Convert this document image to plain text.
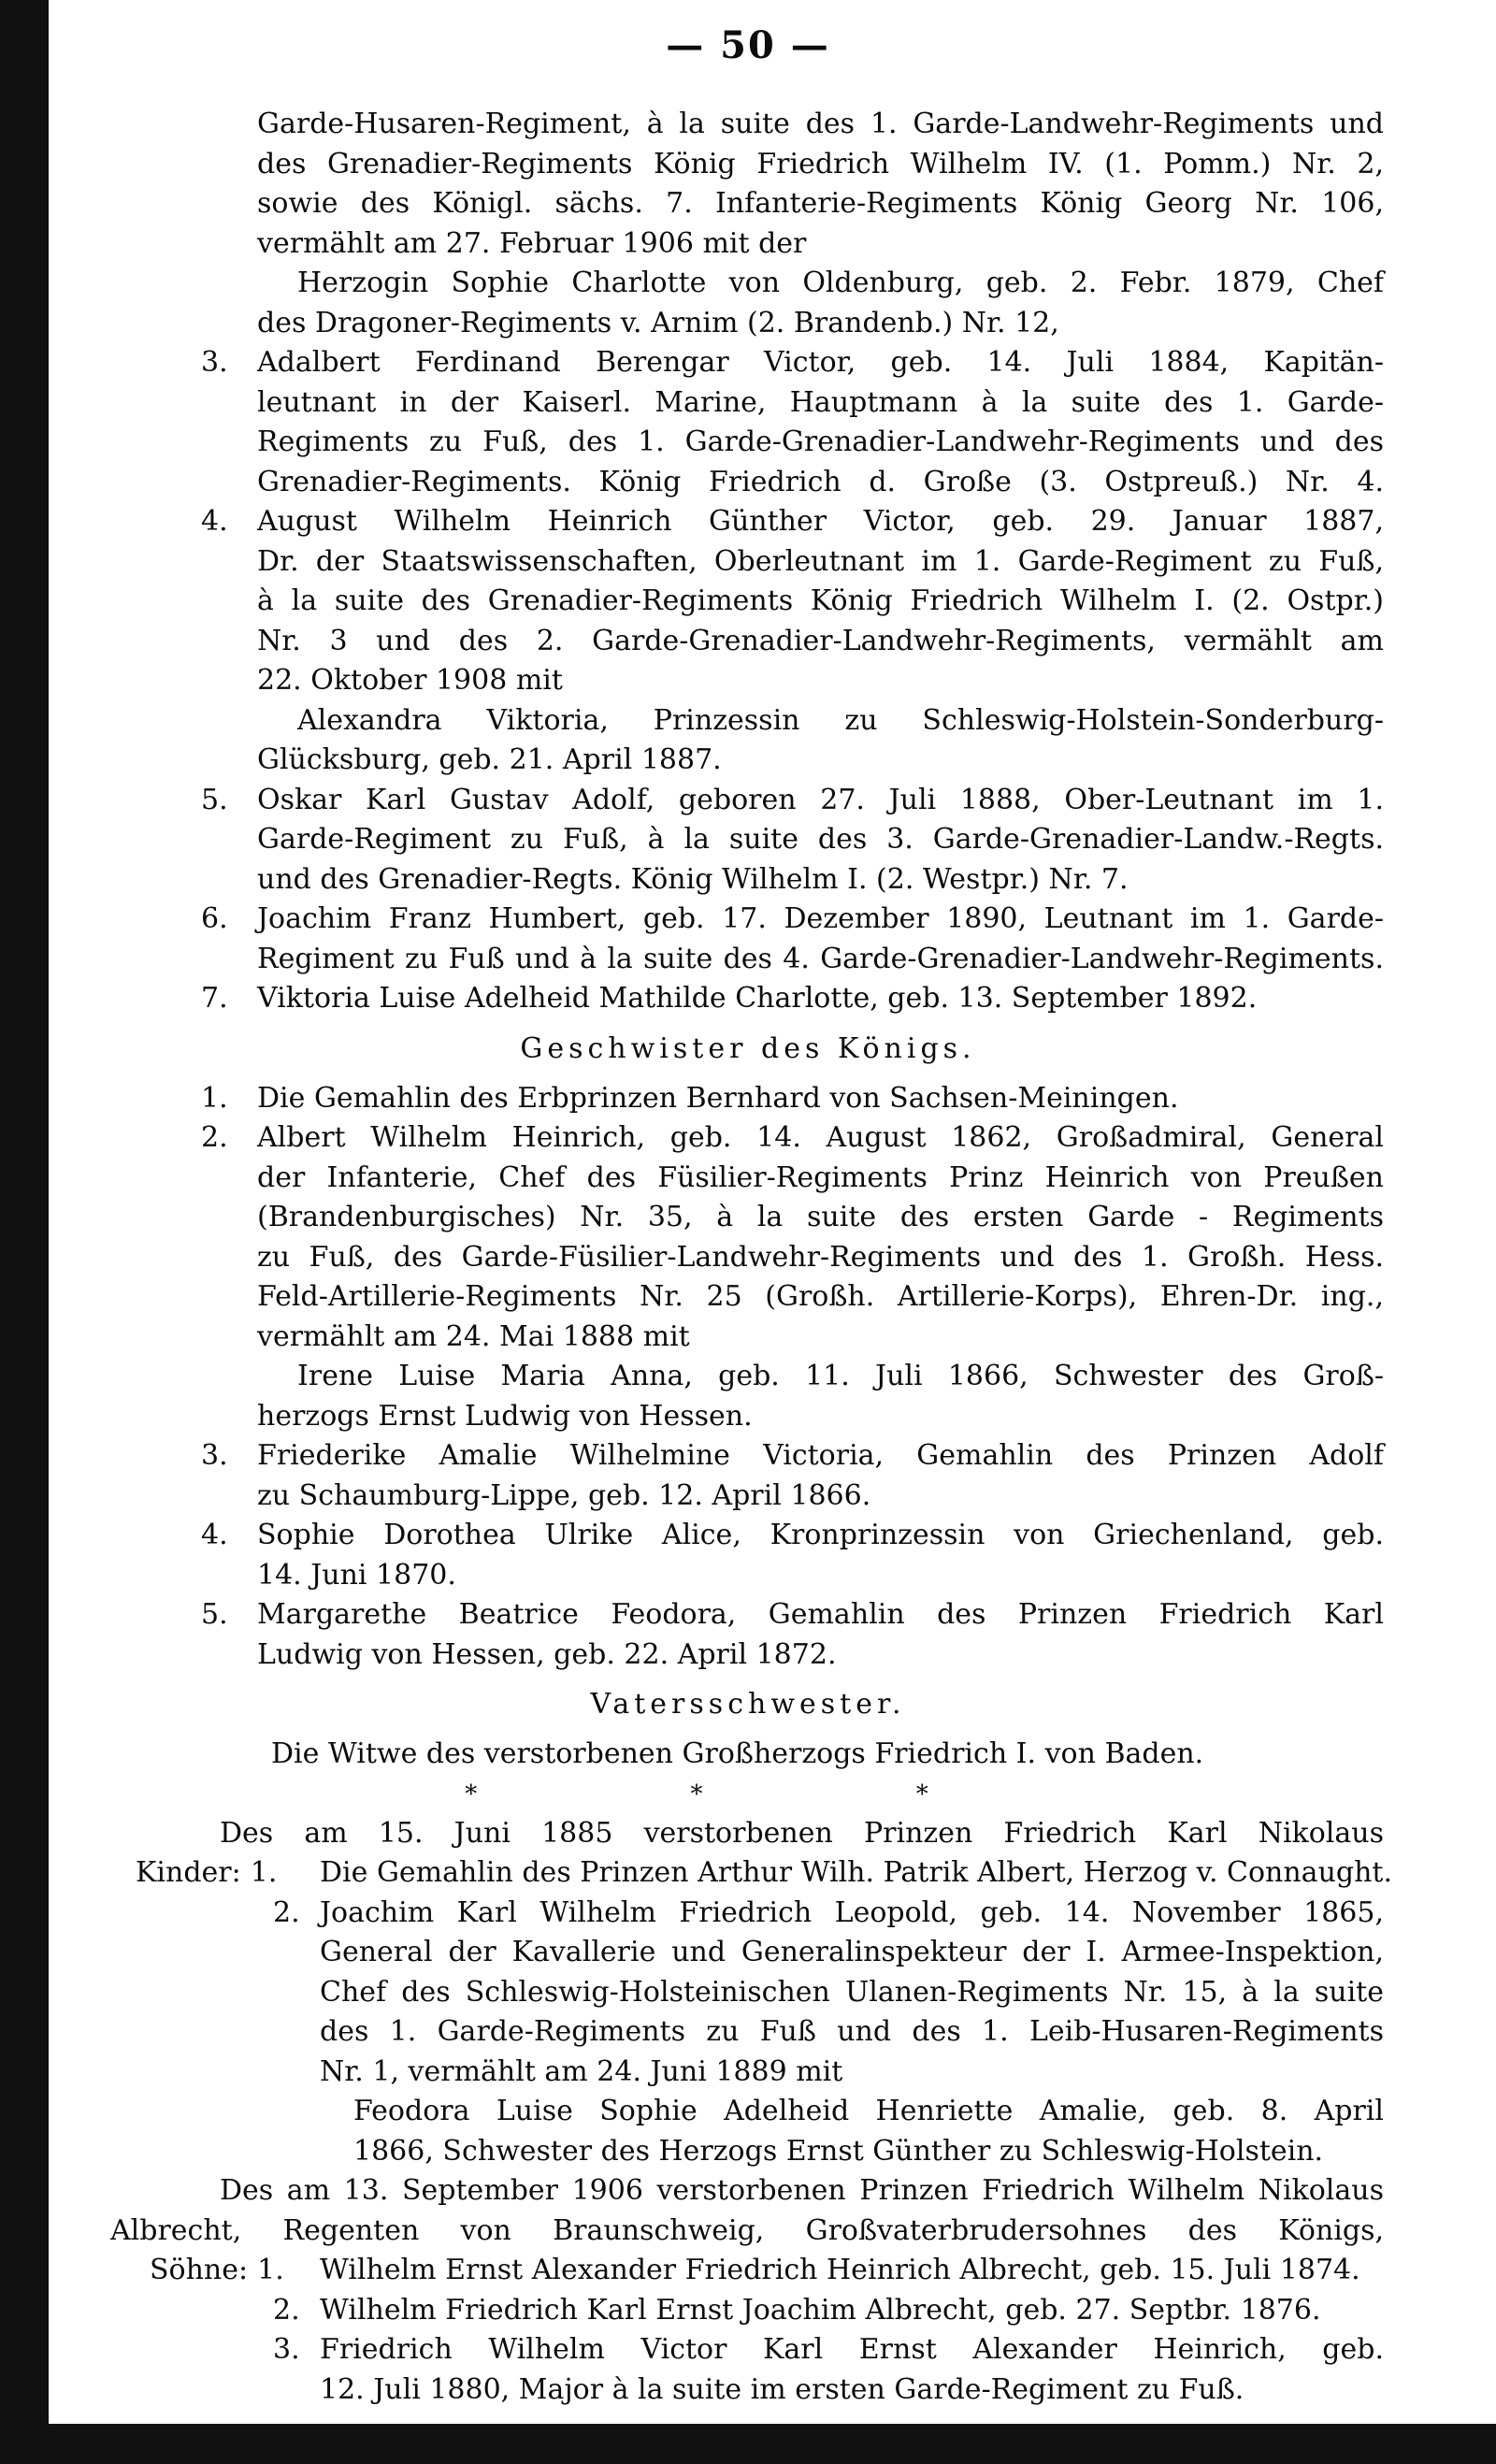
— 50 —
Garde-Husaren-Regiment, à la suite des 1. Garde-Landwehr-Regiments und
des Grenadier-Regiments König Friedrich Wilhelm IV. (1. Pomm.) Nr. 2,
sowie des Königl. sächs. 7. Infanterie-Regiments König Georg Nr. 106,
vermählt am 27. Februar 1906 mit der
Herzogin Sophie Charlotte von Oldenburg, geb. 2. Febr. 1879, Chef
des Dragoner-Regiments v. Arnim (2. Brandenb.) Nr. 12,
3. Adalbert Ferdinand Berengar Victor, geb. 14. Juli 1884, Kapitän-
leutnant in der Kaiserl. Marine, Hauptmann à la suite des 1. Garde-
Regiments zu Fuß, des 1. Garde-Grenadier-Landwehr-Regiments und des
Grenadier-Regiments. König Friedrich d. Große (3. Ostpreuß.) Nr. 4.
4. August Wilhelm Heinrich Günther Victor, geb. 29. Januar 1887,
Dr. der Staatswissenschaften, Oberleutnant im 1. Garde-Regiment zu Fuß,
à la suite des Grenadier-Regiments König Friedrich Wilhelm I. (2. Ostpr.)
Nr. 3 und des 2. Garde-Grenadier-Landwehr-Regiments, vermählt am
22. Oktober 1908 mit
Alexandra Viktoria, Prinzessin zu Schleswig-Holstein-Sonderburg-
Glücksburg, geb. 21. April 1887.
5. Oskar Karl Gustav Adolf, geboren 27. Juli 1888, Ober-Leutnant im 1.
Garde-Regiment zu Fuß, à la suite des 3. Garde-Grenadier-Landw.-Regts.
und des Grenadier-Regts. König Wilhelm I. (2. Westpr.) Nr. 7.
6. Joachim Franz Humbert, geb. 17. Dezember 1890, Leutnant im 1. Garde-
Regiment zu Fuß und à la suite des 4. Garde-Grenadier-Landwehr-Regiments.
7. Viktoria Luise Adelheid Mathilde Charlotte, geb. 13. September 1892.
Geschwister des Königs.
1. Die Gemahlin des Erbprinzen Bernhard von Sachsen-Meiningen.
2. Albert Wilhelm Heinrich, geb. 14. August 1862, Großadmiral, General
der Infanterie, Chef des Füsilier-Regiments Prinz Heinrich von Preußen
(Brandenburgisches) Nr. 35, à la suite des ersten Garde - Regiments
zu Fuß, des Garde-Füsilier-Landwehr-Regiments und des 1. Großh. Hess.
Feld-Artillerie-Regiments Nr. 25 (Großh. Artillerie-Korps), Ehren-Dr. ing.,
vermählt am 24. Mai 1888 mit
Irene Luise Maria Anna, geb. 11. Juli 1866, Schwester des Groß-
herzogs Ernst Ludwig von Hessen.
3. Friederike Amalie Wilhelmine Victoria, Gemahlin des Prinzen Adolf
zu Schaumburg-Lippe, geb. 12. April 1866.
4. Sophie Dorothea Ulrike Alice, Kronprinzessin von Griechenland, geb.
14. Juni 1870.
5. Margarethe Beatrice Feodora, Gemahlin des Prinzen Friedrich Karl
Ludwig von Hessen, geb. 22. April 1872.
Vatersschwester.
Die Witwe des verstorbenen Großherzogs Friedrich I. von Baden.
* * *
Des am 15. Juni 1885 verstorbenen Prinzen Friedrich Karl Nikolaus
Kinder: 1. Die Gemahlin des Prinzen Arthur Wilh. Patrik Albert, Herzog v. Connaught.
2. Joachim Karl Wilhelm Friedrich Leopold, geb. 14. November 1865,
General der Kavallerie und Generalinspekteur der I. Armee-Inspektion,
Chef des Schleswig-Holsteinischen Ulanen-Regiments Nr. 15, à la suite
des 1. Garde-Regiments zu Fuß und des 1. Leib-Husaren-Regiments
Nr. 1, vermählt am 24. Juni 1889 mit
Feodora Luise Sophie Adelheid Henriette Amalie, geb. 8. April
1866, Schwester des Herzogs Ernst Günther zu Schleswig-Holstein.
Des am 13. September 1906 verstorbenen Prinzen Friedrich Wilhelm Nikolaus
Albrecht, Regenten von Braunschweig, Großvaterbrudersohnes des Königs,
Söhne: 1. Wilhelm Ernst Alexander Friedrich Heinrich Albrecht, geb. 15. Juli 1874.
2. Wilhelm Friedrich Karl Ernst Joachim Albrecht, geb. 27. Septbr. 1876.
3. Friedrich Wilhelm Victor Karl Ernst Alexander Heinrich, geb.
12. Juli 1880, Major à la suite im ersten Garde-Regiment zu Fuß.
